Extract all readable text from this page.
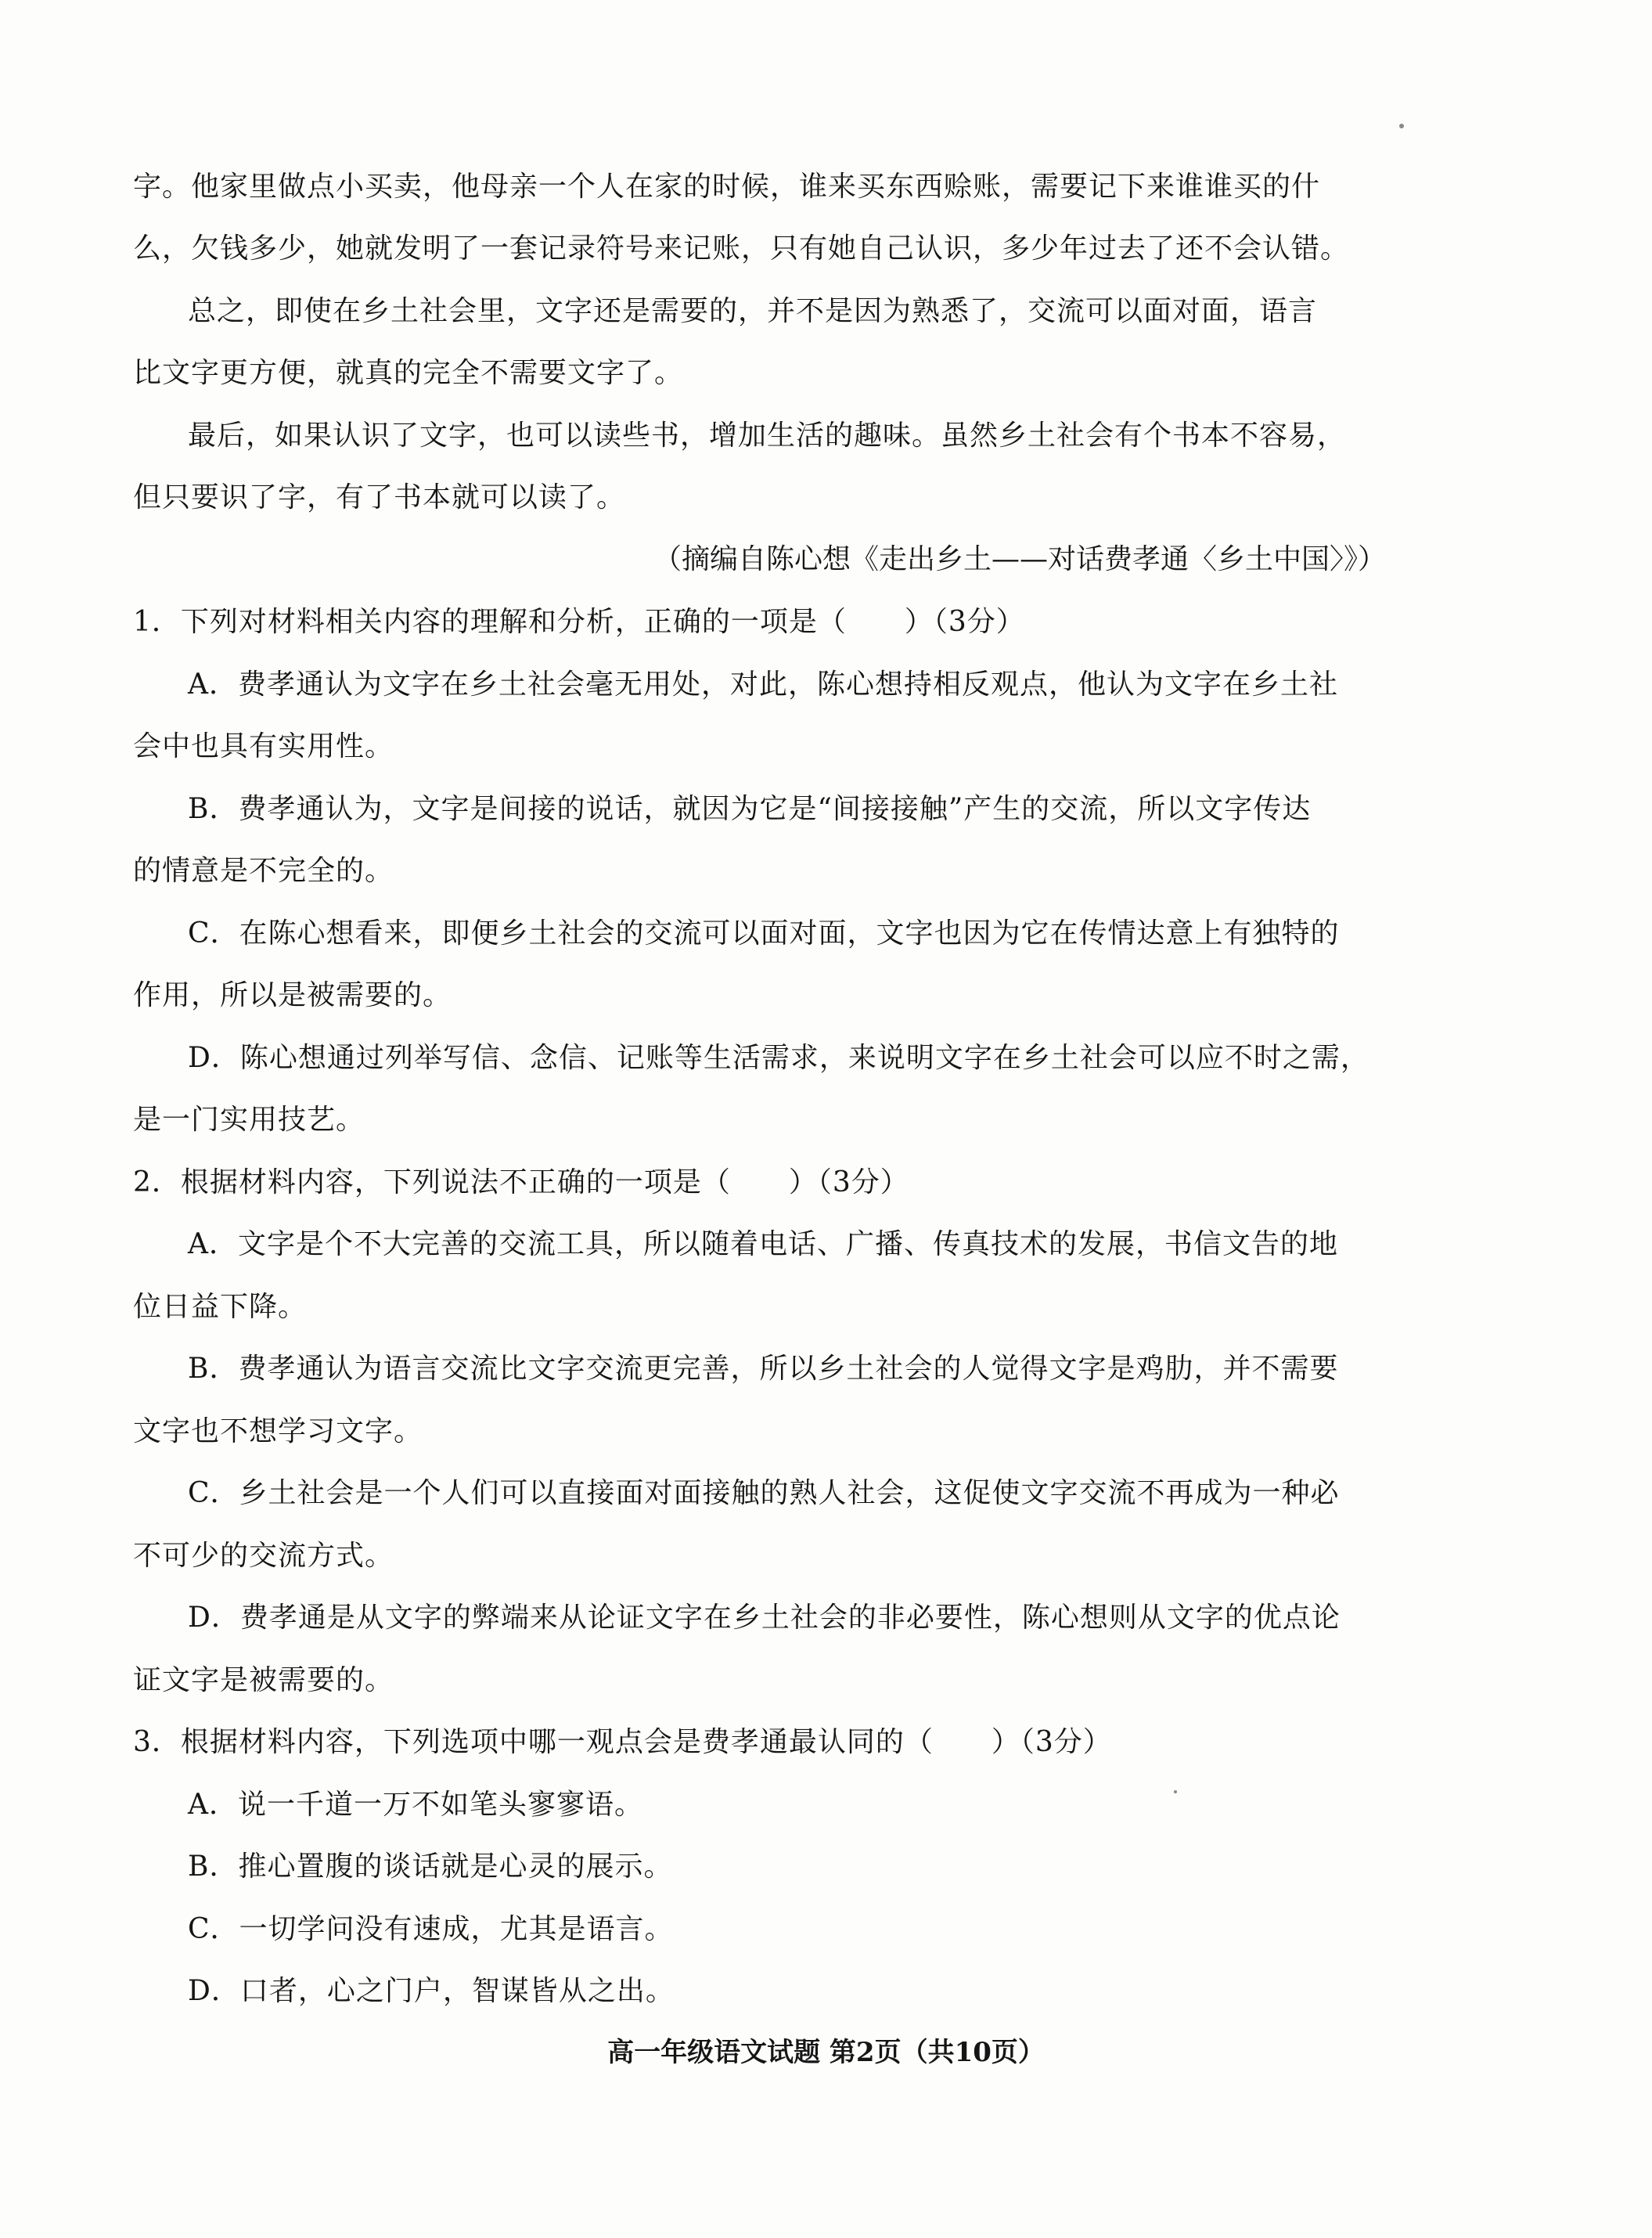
字。他家里做点小买卖，他母亲一个人在家的时候，谁来买东西赊账，需要记下来谁谁买的什
么，欠钱多少，她就发明了一套记录符号来记账，只有她自己认识，多少年过去了还不会认错。
总之，即使在乡土社会里，文字还是需要的，并不是因为熟悉了，交流可以面对面，语言
比文字更方便，就真的完全不需要文字了。
最后，如果认识了文字，也可以读些书，增加生活的趣味。虽然乡土社会有个书本不容易，
但只要识了字，有了书本就可以读了。
（摘编自陈心想《走出乡土——对话费孝通〈乡土中国〉》）
1．下列对材料相关内容的理解和分析，正确的一项是（　　）（3分）
A．费孝通认为文字在乡土社会毫无用处，对此，陈心想持相反观点，他认为文字在乡土社
会中也具有实用性。
B．费孝通认为，文字是间接的说话，就因为它是“间接接触”产生的交流，所以文字传达
的情意是不完全的。
C．在陈心想看来，即便乡土社会的交流可以面对面，文字也因为它在传情达意上有独特的
作用，所以是被需要的。
D．陈心想通过列举写信、念信、记账等生活需求，来说明文字在乡土社会可以应不时之需，
是一门实用技艺。
2．根据材料内容，下列说法不正确的一项是（　　）（3分）
A．文字是个不大完善的交流工具，所以随着电话、广播、传真技术的发展，书信文告的地
位日益下降。
B．费孝通认为语言交流比文字交流更完善，所以乡土社会的人觉得文字是鸡肋，并不需要
文字也不想学习文字。
C．乡土社会是一个人们可以直接面对面接触的熟人社会，这促使文字交流不再成为一种必
不可少的交流方式。
D．费孝通是从文字的弊端来从论证文字在乡土社会的非必要性，陈心想则从文字的优点论
证文字是被需要的。
3．根据材料内容，下列选项中哪一观点会是费孝通最认同的（　　）（3分）
A．说一千道一万不如笔头寥寥语。
B．推心置腹的谈话就是心灵的展示。
C．一切学问没有速成，尤其是语言。
D．口者，心之门户，智谋皆从之出。
高一年级语文试题 第2页（共10页）
